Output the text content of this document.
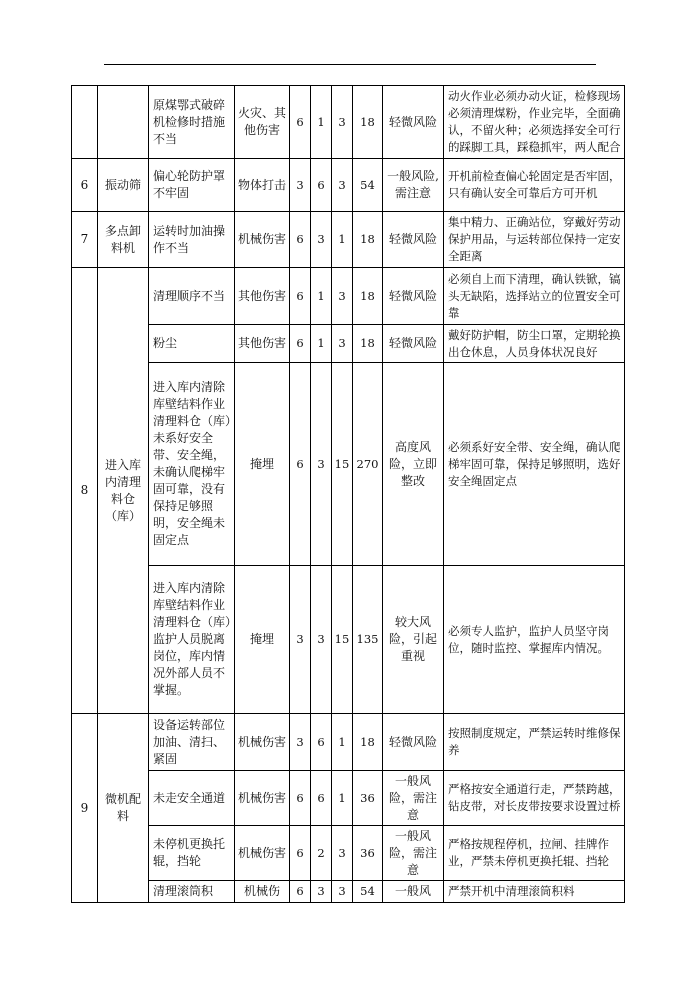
		原煤鄂式破碎机检修时措施不当	火灾、其他伤害	6	1	3	18	轻微风险	动火作业必须办动火证，检修现场必须清理煤粉，作业完毕，全面确认，不留火种；必须选择安全可行的踩脚工具，踩稳抓牢，两人配合
6	振动筛	偏心轮防护罩不牢固	物体打击	3	6	3	54	一般风险,需注意	开机前检查偏心轮固定是否牢固，只有确认安全可靠后方可开机
7	多点卸料机	运转时加油操作不当	机械伤害	6	3	1	18	轻微风险	集中精力、正确站位，穿戴好劳动保护用品，与运转部位保持一定安全距离
8	进入库内清理料仓（库）	清理顺序不当	其他伤害	6	1	3	18	轻微风险	必须自上而下清理，确认铁锨，镐头无缺陷，选择站立的位置安全可靠
		粉尘	其他伤害	6	1	3	18	轻微风险	戴好防护帽，防尘口罩，定期轮换出仓休息，人员身体状况良好
		进入库内清除库壁结料作业清理料仓（库）未系好安全带、安全绳，未确认爬梯牢固可靠，没有保持足够照明，安全绳未固定点	掩埋	6	3	15	270	高度风险，立即整改	必须系好安全带、安全绳，确认爬梯牢固可靠，保持足够照明，选好安全绳固定点
		进入库内清除库壁结料作业清理料仓（库）监护人员脱离岗位，库内情况外部人员不掌握。	掩埋	3	3	15	135	较大风险，引起重视	必须专人监护，监护人员坚守岗位，随时监控、掌握库内情况。
9	微机配料	设备运转部位加油、清扫、紧固	机械伤害	3	6	1	18	轻微风险	按照制度规定，严禁运转时维修保养
		未走安全通道	机械伤害	6	6	1	36	一般风险，需注意	严格按安全通道行走，严禁跨越，钻皮带，对长皮带按要求设置过桥
		未停机更换托辊，挡轮	机械伤害	6	2	3	36	一般风险，需注意	严格按规程停机，拉闸、挂牌作业，严禁未停机更换托辊、挡轮
		清理滚筒积	机械伤	6	3	3	54	一般风	严禁开机中清理滚筒积料
